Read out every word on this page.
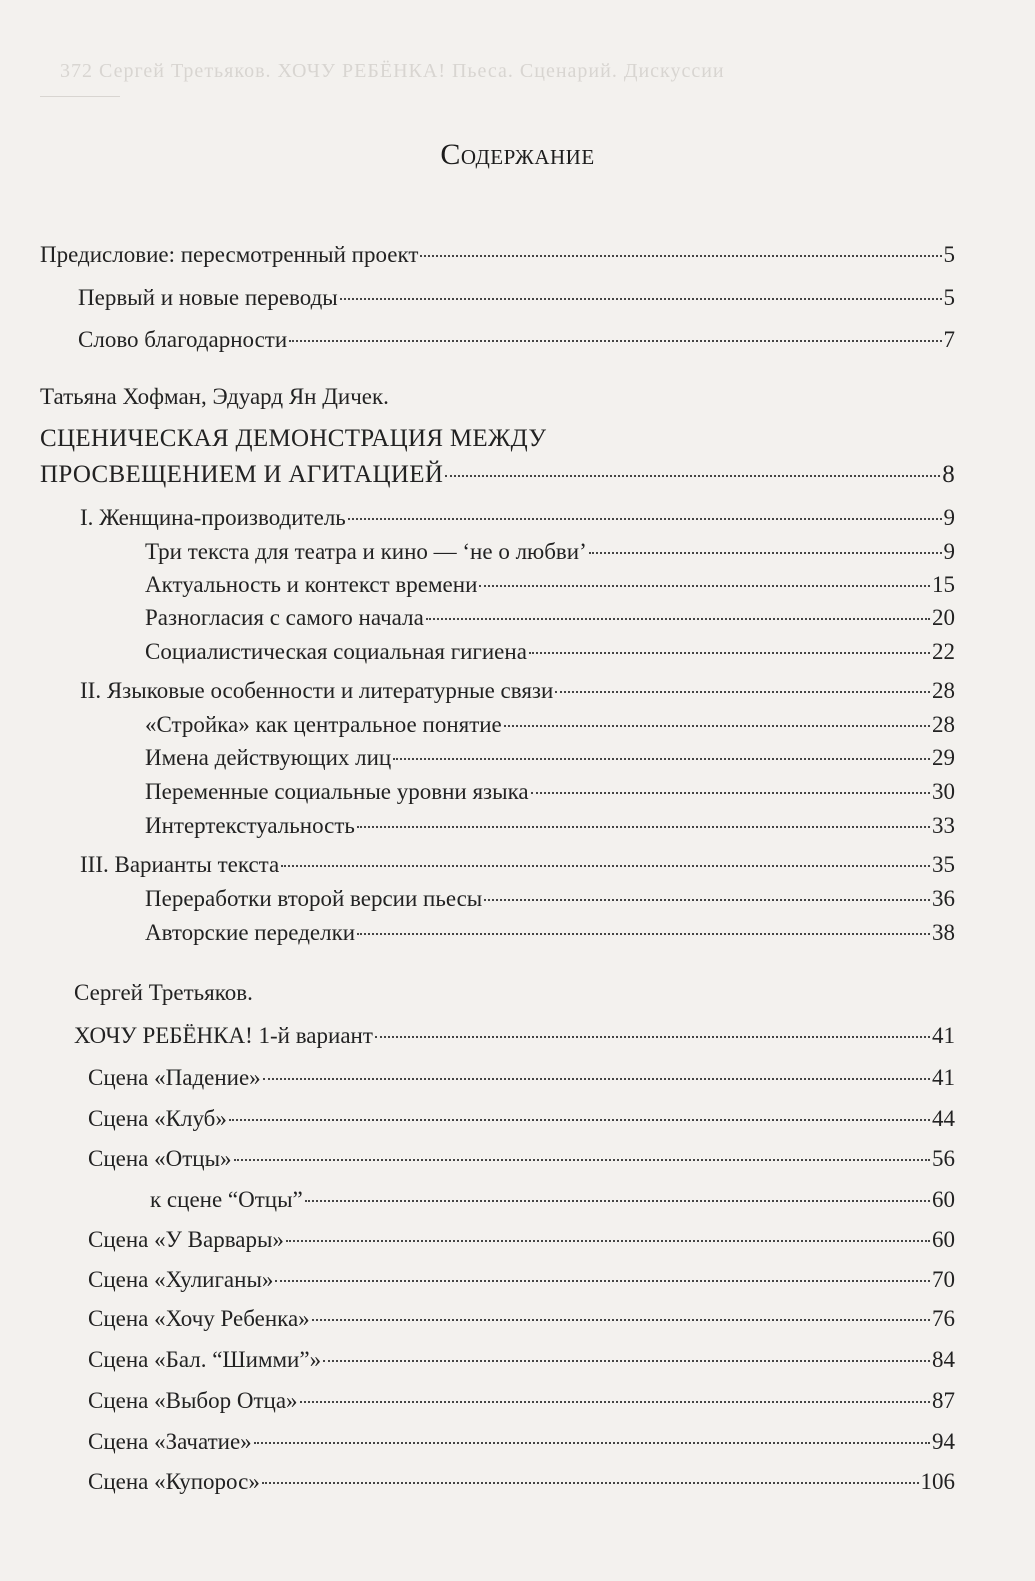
372 Сергей Третьяков. ХОЧУ РЕБЁНКА! Пьеса. Сценарий. Дискуссии
Содержание
Предисловие: пересмотренный проект	5
Первый и новые переводы	5
Слово благодарности	7
Татьяна Хофман, Эдуард Ян Дичек.
СЦЕНИЧЕСКАЯ ДЕМОНСТРАЦИЯ МЕЖДУ
ПРОСВЕЩЕНИЕМ И АГИТАЦИЕЙ	8
I. Женщина-производитель	9
Три текста для театра и кино — ‘не о любви’	9
Актуальность и контекст времени	15
Разногласия с самого начала	20
Социалистическая социальная гигиена	22
II. Языковые особенности и литературные связи	28
«Стройка» как центральное понятие	28
Имена действующих лиц	29
Переменные социальные уровни языка	30
Интертекстуальность	33
III. Варианты текста	35
Переработки второй версии пьесы	36
Авторские переделки	38
Сергей Третьяков.
ХОЧУ РЕБЁНКА! 1-й вариант	41
Сцена «Падение»	41
Сцена «Клуб»	44
Сцена «Отцы»	56
к сцене “Отцы”	60
Сцена «У Варвары»	60
Сцена «Хулиганы»	70
Сцена «Хочу Ребенка»	76
Сцена «Бал. “Шимми”»	84
Сцена «Выбор Отца»	87
Сцена «Зачатие»	94
Сцена «Купорос»	106
